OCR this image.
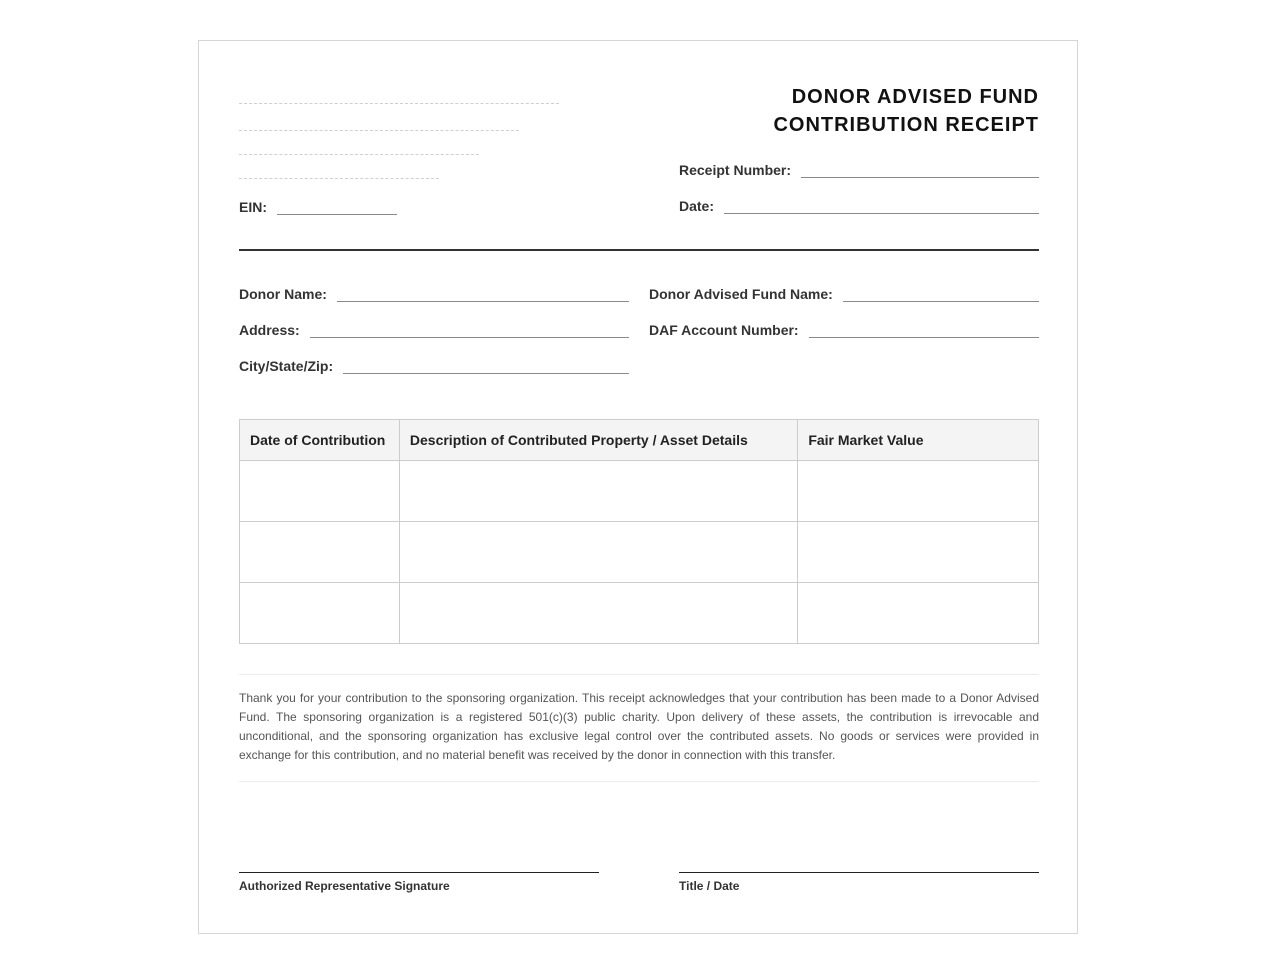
EIN:
DONOR ADVISED FUND
CONTRIBUTION RECEIPT
Receipt Number:
Date:
Donor Name:
Address:
City/State/Zip:
Donor Advised Fund Name:
DAF Account Number:
Date of Contribution	Description of Contributed Property / Asset Details	Fair Market Value

Thank you for your contribution to the sponsoring organization. This receipt acknowledges that your contribution has been made to a Donor Advised Fund. The sponsoring organization is a registered 501(c)(3) public charity. Upon delivery of these assets, the contribution is irrevocable and unconditional, and the sponsoring organization has exclusive legal control over the contributed assets. No goods or services were provided in exchange for this contribution, and no material benefit was received by the donor in connection with this transfer.
Authorized Representative Signature	Title / Date
